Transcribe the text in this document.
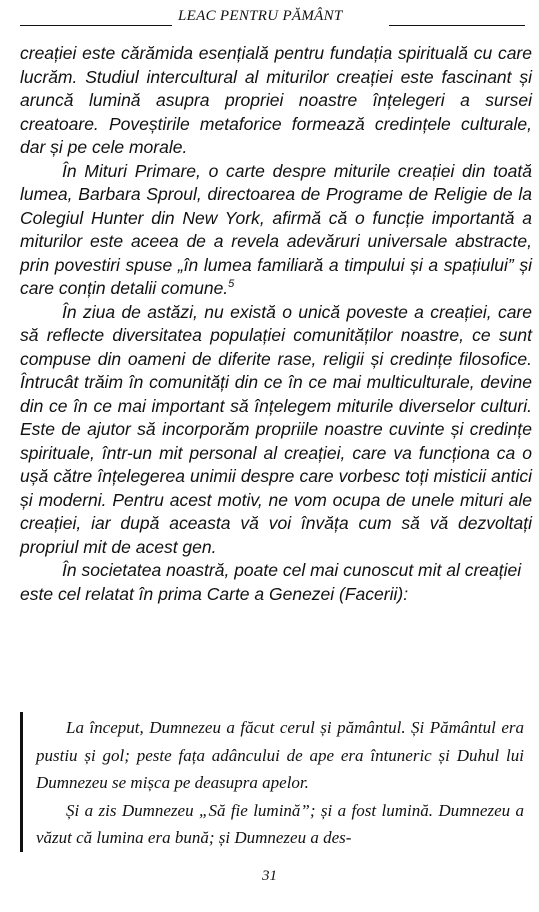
LEAC PENTRU PĂMÂNT

creației este cărămida esențială pentru fundația spirituală cu care lucrăm. Studiul intercultural al miturilor creației este fascinant și aruncă lumină asupra propriei noastre înțelegeri a sursei creatoare. Poveștirile metaforice formează credințele culturale, dar și pe cele morale.

În Mituri Primare, o carte despre miturile creației din toată lumea, Barbara Sproul, directoarea de Programe de Religie de la Colegiul Hunter din New York, afirmă că o funcție importantă a miturilor este aceea de a revela adevăruri universale abstracte, prin povestiri spuse „în lumea familiară a timpului și a spațiului” și care conțin detalii comune.$^5$

În ziua de astăzi, nu există o unică poveste a creației, care să reflecte diversitatea populației comunităților noastre, ce sunt compuse din oameni de diferite rase, religii și credințe filosofice. Întrucât trăim în comunități din ce în ce mai multiculturale, devine din ce în ce mai important să înțelegem miturile diverselor culturi. Este de ajutor să incorporăm propriile noastre cuvinte și credințe spirituale, într-un mit personal al creației, care va funcționa ca o ușă către înțelegerea unimii despre care vorbesc toți misticii antici și moderni. Pentru acest motiv, ne vom ocupa de unele mituri ale creației, iar după aceasta vă voi învăța cum să vă dezvoltați propriul mit de acest gen.

În societatea noastră, poate cel mai cunoscut mit al creației este cel relatat în prima Carte a Genezei (Facerii):

La început, Dumnezeu a făcut cerul și pământul. Și Pământul era pustiu și gol; peste fața adâncului de ape era întuneric și Duhul lui Dumnezeu se mișca pe deasupra apelor.

Și a zis Dumnezeu „Să fie lumină”; și a fost lumină. Dumnezeu a văzut că lumina era bună; și Dumnezeu a des-

31
